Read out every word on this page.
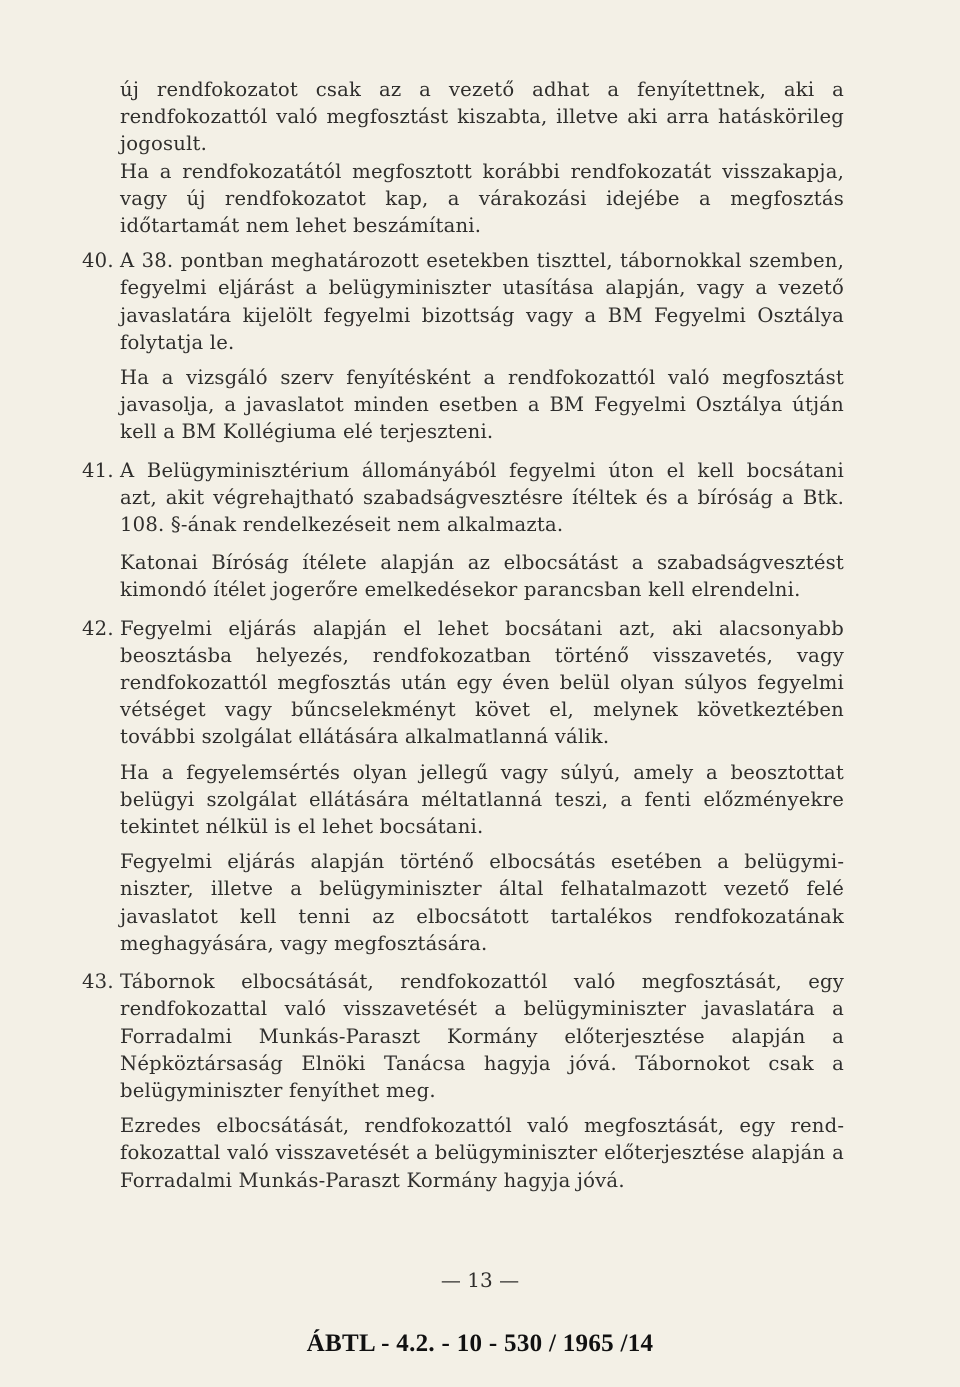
új rendfokozatot csak az a vezető adhat a fenyítettnek, aki a rendfokozattól való megfosztást kiszabta, illetve aki arra hatáskörileg jogosult.

Ha a rendfokozatától megfosztott korábbi rendfokozatát visszakapja, vagy új rendfokozatot kap, a várakozási idejébe a megfosztás időtartamát nem lehet beszámítani.

40. A 38. pontban meghatározott esetekben tiszttel, tábornokkal szemben, fegyelmi eljárást a belügyminiszter utasítása alapján, vagy a vezető javaslatára kijelölt fegyelmi bizottság vagy a BM Fegyelmi Osztálya folytatja le.

Ha a vizsgáló szerv fenyítésként a rendfokozattól való megfosztást javasolja, a javaslatot minden esetben a BM Fegyelmi Osztálya útján kell a BM Kollégiuma elé terjeszteni.

41. A Belügyminisztérium állományából fegyelmi úton el kell bocsátani azt, akit végrehajtható szabadságvesztésre ítéltek és a bíróság a Btk. 108. §-ának rendelkezéseit nem alkalmazta.

Katonai Bíróság ítélete alapján az elbocsátást a szabadságvesztést kimondó ítélet jogerőre emelkedésekor parancsban kell elrendelni.

42. Fegyelmi eljárás alapján el lehet bocsátani azt, aki alacsonyabb beosztásba helyezés, rendfokozatban történő visszavetés, vagy rendfokozattól megfosztás után egy éven belül olyan súlyos fegyelmi vétséget vagy bűncselekményt követ el, melynek következtében további szolgálat ellátására alkalmatlanná válik.

Ha a fegyelemsértés olyan jellegű vagy súlyú, amely a beosztottat belügyi szolgálat ellátására méltatlanná teszi, a fenti előzményekre tekintet nélkül is el lehet bocsátani.

Fegyelmi eljárás alapján történő elbocsátás esetében a belügyminiszter, illetve a belügyminiszter által felhatalmazott vezető felé javaslatot kell tenni az elbocsátott tartalékos rendfokozatának meghagyására, vagy megfosztására.

43. Tábornok elbocsátását, rendfokozattól való megfosztását, egy rendfokozattal való visszavetését a belügyminiszter javaslatára a Forradalmi Munkás-Paraszt Kormány előterjesztése alapján a Népköztársaság Elnöki Tanácsa hagyja jóvá. Tábornokot csak a belügyminiszter fenyíthet meg.

Ezredes elbocsátását, rendfokozattól való megfosztását, egy rendfokozattal való visszavetését a belügyminiszter előterjesztése alapján a Forradalmi Munkás-Paraszt Kormány hagyja jóvá.

— 13 —
ÁBTL - 4.2. - 10 - 530 / 1965 /14
